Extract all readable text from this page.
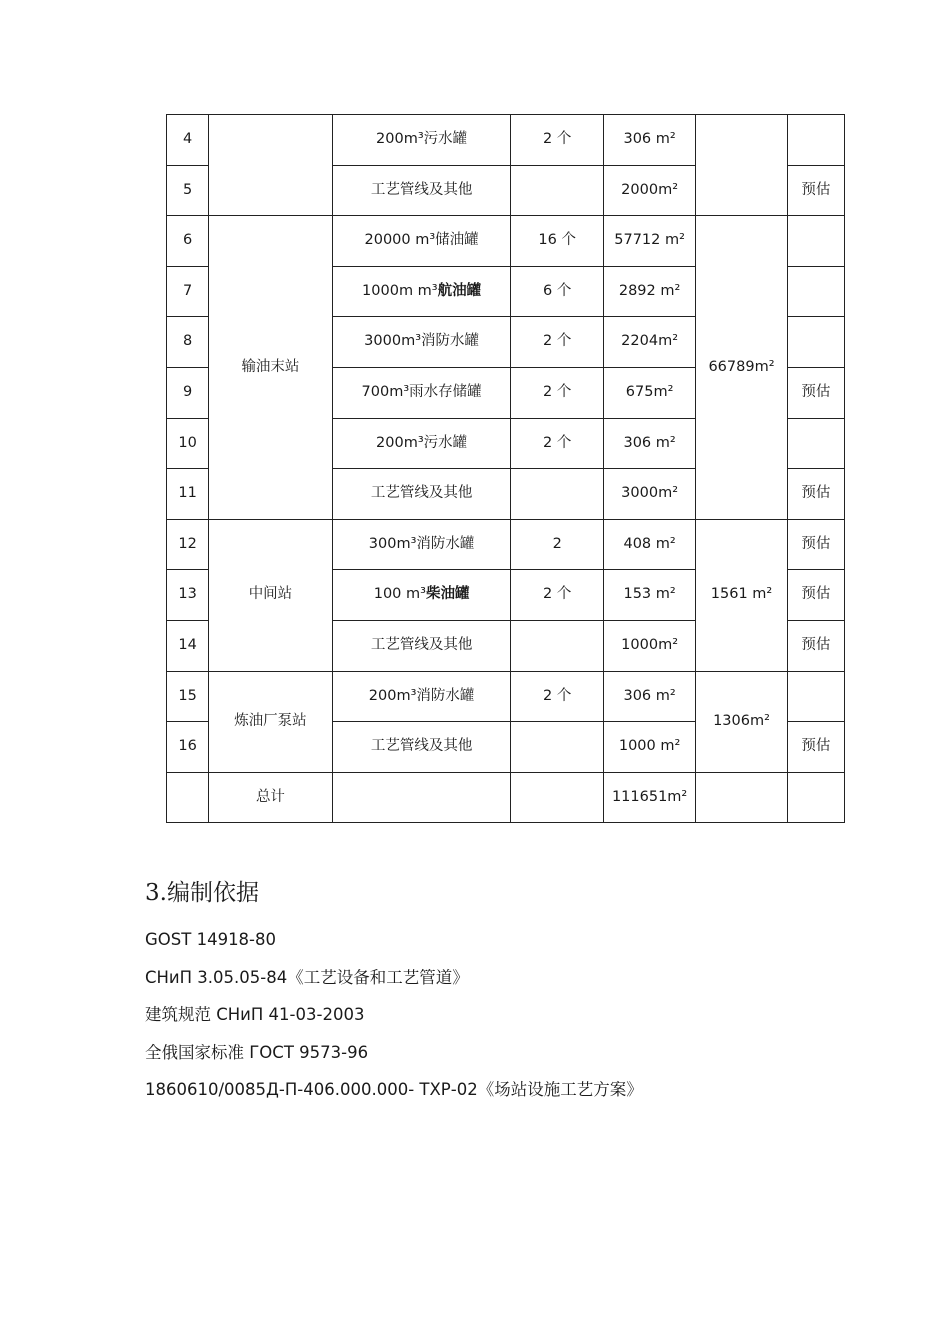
4		200m³污水罐	2 个	306 m²		
5		工艺管线及其他		2000m²		预估
6	输油末站	20000 m³储油罐	16 个	57712 m²	66789m²	
7		1000m m³航油罐	6 个	2892 m²		
8		3000m³消防水罐	2 个	2204m²		
9		700m³雨水存储罐	2 个	675m²		预估
10		200m³污水罐	2 个	306 m²		
11		工艺管线及其他		3000m²		预估
12	中间站	300m³消防水罐	2	408 m²	1561 m²	预估
13		100 m³柴油罐	2 个	153 m²		预估
14		工艺管线及其他		1000m²		预估
15	炼油厂泵站	200m³消防水罐	2 个	306 m²	1306m²	
16		工艺管线及其他		1000 m²		预估
	总计			111651m²		
3.编制依据
GOST 14918-80
СНиП 3.05.05-84《工艺设备和工艺管道》
建筑规范 СНиП 41-03-2003
全俄国家标准 ГОСТ 9573-96
1860610/0085Д-П-406.000.000- ТХР-02《场站设施工艺方案》
